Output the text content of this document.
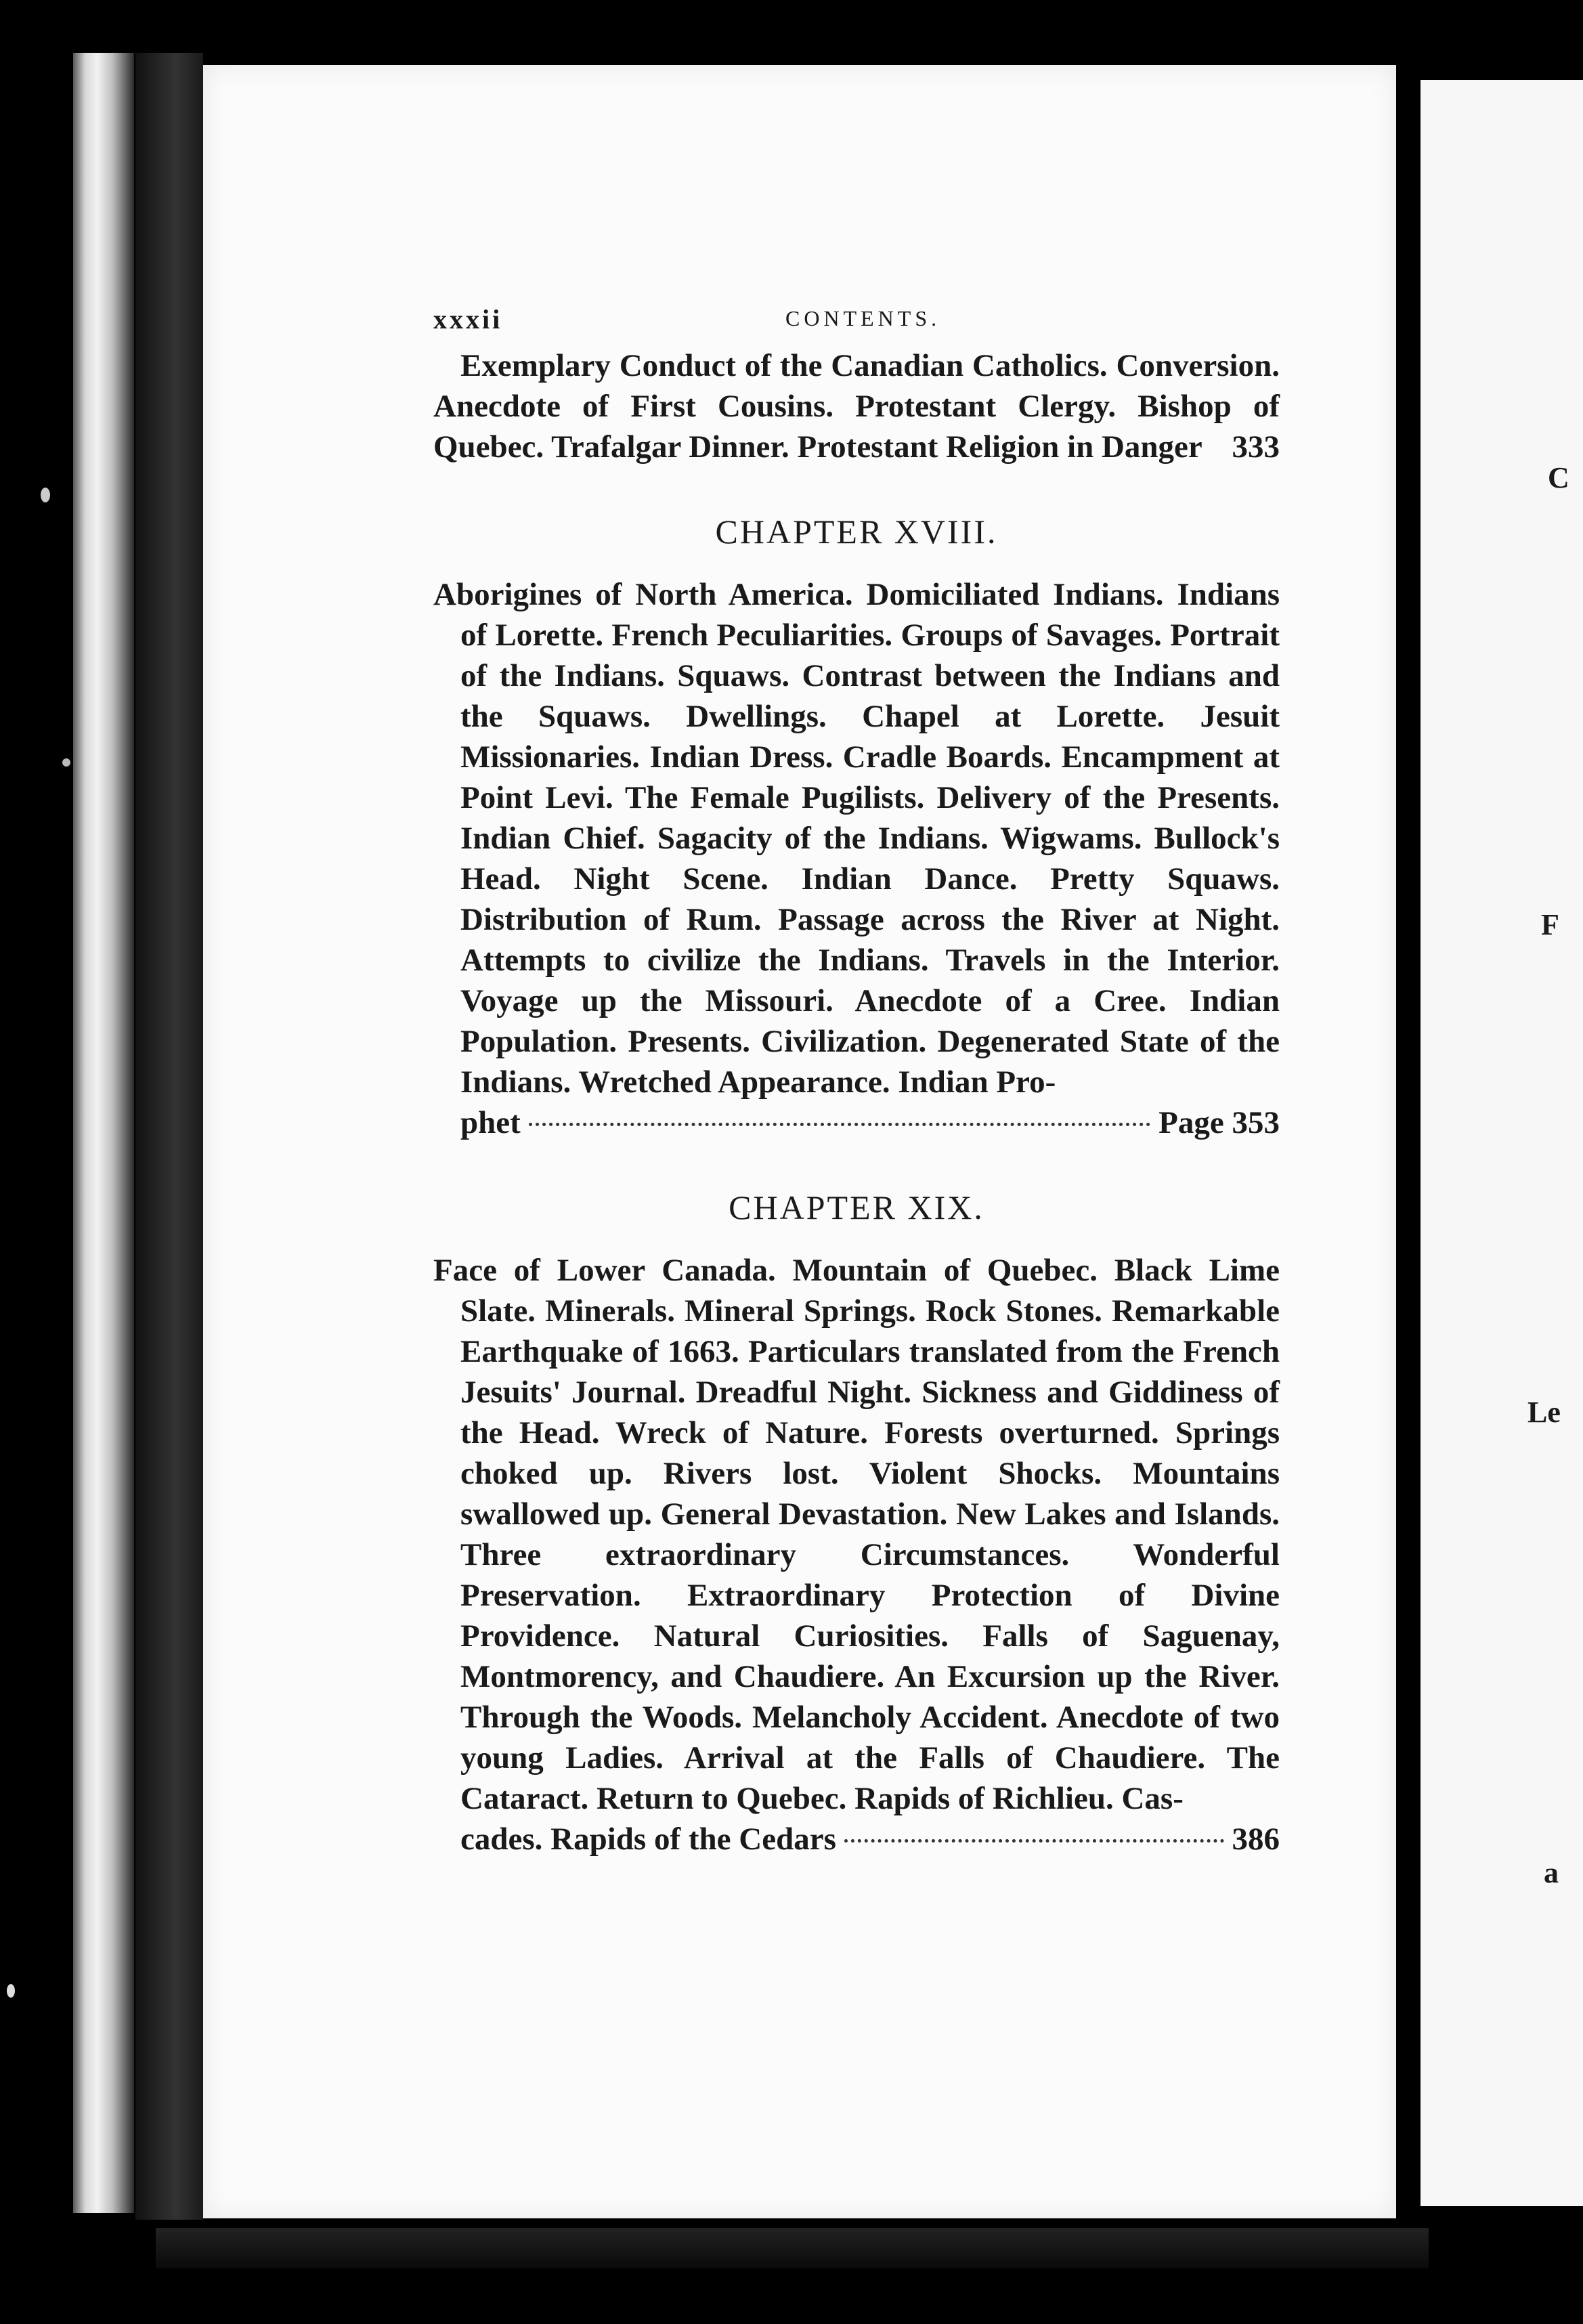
C
F
Le
a
xxxii	CONTENTS.

Exemplary Conduct of the Canadian Catholics. Conversion. Anecdote of First Cousins. Protestant Clergy. Bishop of Quebec. Trafalgar Dinner. Protestant Religion in Danger 333

CHAPTER XVIII.

Aborigines of North America. Domiciliated Indians. Indians of Lorette. French Peculiarities. Groups of Savages. Portrait of the Indians. Squaws. Contrast between the Indians and the Squaws. Dwellings. Chapel at Lorette. Jesuit Missionaries. Indian Dress. Cradle Boards. Encampment at Point Levi. The Female Pugilists. Delivery of the Presents. Indian Chief. Sagacity of the Indians. Wigwams. Bullock's Head. Night Scene. Indian Dance. Pretty Squaws. Distribution of Rum. Passage across the River at Night. Attempts to civilize the Indians. Travels in the Interior. Voyage up the Missouri. Anecdote of a Cree. Indian Population. Presents. Civilization. Degenerated State of the Indians. Wretched Appearance. Indian Pro-

phet	Page 353
CHAPTER XIX.

Face of Lower Canada. Mountain of Quebec. Black Lime Slate. Minerals. Mineral Springs. Rock Stones. Remarkable Earthquake of 1663. Particulars translated from the French Jesuits' Journal. Dreadful Night. Sickness and Giddiness of the Head. Wreck of Nature. Forests overturned. Springs choked up. Rivers lost. Violent Shocks. Mountains swallowed up. General Devastation. New Lakes and Islands. Three extraordinary Circumstances. Wonderful Preservation. Extraordinary Protection of Divine Providence. Natural Curiosities. Falls of Saguenay, Montmorency, and Chaudiere. An Excursion up the River. Through the Woods. Melancholy Accident. Anecdote of two young Ladies. Arrival at the Falls of Chaudiere. The Cataract. Return to Quebec. Rapids of Richlieu. Cas-

cades. Rapids of the Cedars	386
